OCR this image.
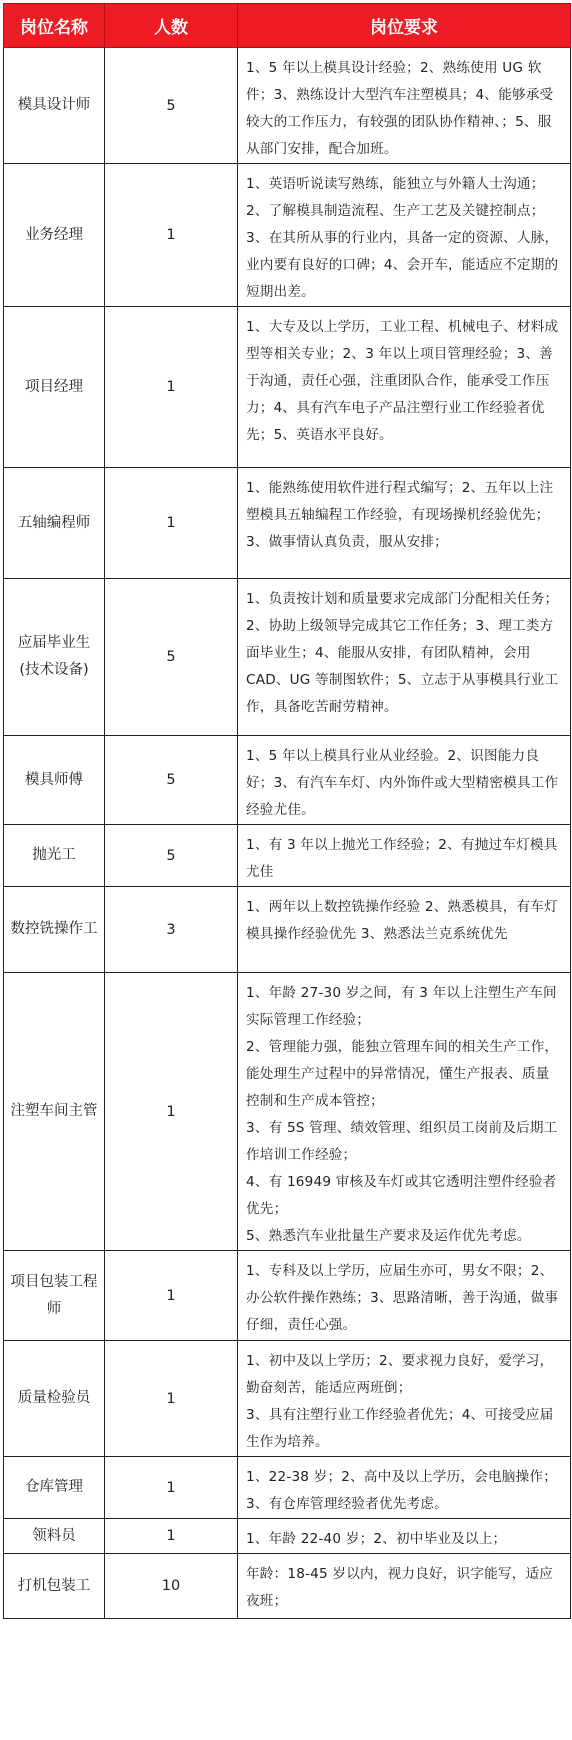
岗位名称	人数	岗位要求
模具设计师	5	1、5 年以上模具设计经验；2、熟练使用 UG 软件；3、熟练设计大型汽车注塑模具；4、能够承受较大的工作压力，有较强的团队协作精神、；5、服从部门安排，配合加班。

业务经理	1	1、英语听说读写熟练，能独立与外籍人士沟通；2、了解模具制造流程、生产工艺及关键控制点；3、在其所从事的行业内，具备一定的资源、人脉，业内要有良好的口碑；4、会开车，能适应不定期的短期出差。

项目经理	1	1、大专及以上学历，工业工程、机械电子、材料成型等相关专业；2、3 年以上项目管理经验；3、善于沟通，责任心强，注重团队合作，能承受工作压力；4、具有汽车电子产品注塑行业工作经验者优先；5、英语水平良好。

五轴编程师	1	1、能熟练使用软件进行程式编写；2、五年以上注塑模具五轴编程工作经验，有现场操机经验优先；3、做事情认真负责，服从安排；

应届毕业生(技术设备)	5	1、负责按计划和质量要求完成部门分配相关任务；2、协助上级领导完成其它工作任务；3、理工类方面毕业生；4、能服从安排，有团队精神，会用 CAD、UG 等制图软件；5、立志于从事模具行业工作，具备吃苦耐劳精神。

模具师傅	5	1、5 年以上模具行业从业经验。2、识图能力良好；3、有汽车车灯、内外饰件或大型精密模具工作经验尤佳。

抛光工	5	1、有 3 年以上抛光工作经验；2、有抛过车灯模具尤佳

数控铣操作工	3	1、两年以上数控铣操作经验 2、熟悉模具，有车灯模具操作经验优先 3、熟悉法兰克系统优先

注塑车间主管	1	1、年龄 27-30 岁之间，有 3 年以上注塑生产车间实际管理工作经验；
2、管理能力强，能独立管理车间的相关生产工作，能处理生产过程中的异常情况，懂生产报表、质量控制和生产成本管控；
3、有 5S 管理、绩效管理、组织员工岗前及后期工作培训工作经验；
4、有 16949 审核及车灯或其它透明注塑件经验者优先；
5、熟悉汽车业批量生产要求及运作优先考虑。

项目包装工程师	1	1、专科及以上学历，应届生亦可，男女不限；2、办公软件操作熟练；3、思路清晰，善于沟通，做事仔细，责任心强。

质量检验员	1	1、初中及以上学历；2、要求视力良好，爱学习，勤奋刻苦，能适应两班倒；
3、具有注塑行业工作经验者优先；4、可接受应届生作为培养。

仓库管理	1	1、22-38 岁；2、高中及以上学历，会电脑操作；3、有仓库管理经验者优先考虑。

领料员	1	1、年龄 22-40 岁；2、初中毕业及以上；

打机包装工	10	年龄：18-45 岁以内，视力良好，识字能写，适应夜班；
